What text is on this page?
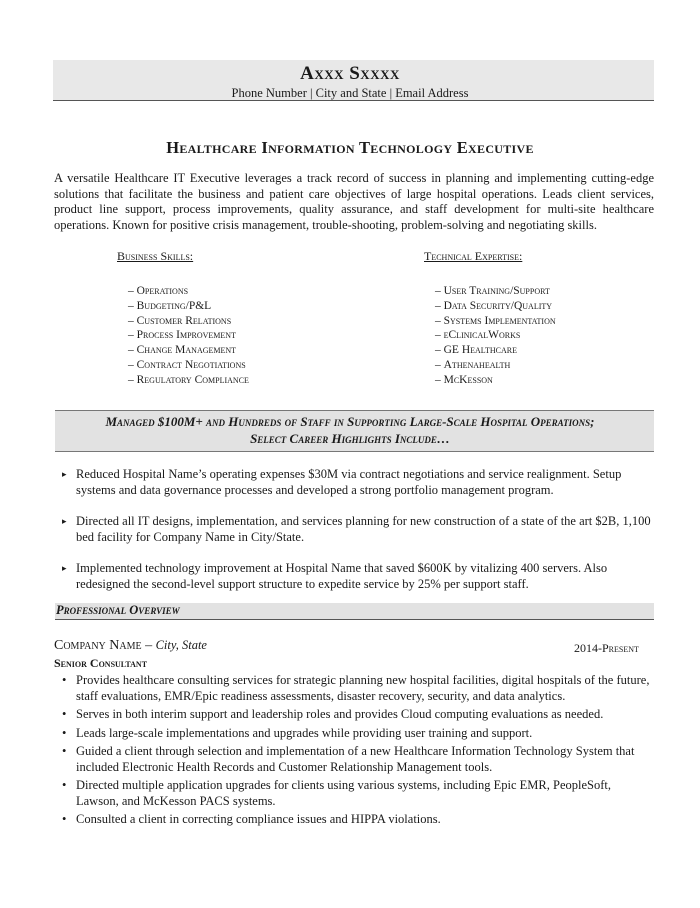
Axxx Sxxxx
Phone Number | City and State | Email Address
Healthcare Information Technology Executive
A versatile Healthcare IT Executive leverages a track record of success in planning and implementing cutting-edge solutions that facilitate the business and patient care objectives of large hospital operations. Leads client services, product line support, process improvements, quality assurance, and staff development for multi-site healthcare operations. Known for positive crisis management, trouble-shooting, problem-solving and negotiating skills.
Business Skills:
– Operations
– Budgeting/P&L
– Customer Relations
– Process Improvement
– Change Management
– Contract Negotiations
– Regulatory Compliance
Technical Expertise:
– User Training/Support
– Data Security/Quality
– Systems Implementation
– eClinicalWorks
– GE Healthcare
– Athenahealth
– McKesson
Managed $100M+ and Hundreds of Staff in Supporting Large-Scale Hospital Operations;
Select Career Highlights Include…
▸ Reduced Hospital Name’s operating expenses $30M via contract negotiations and service realignment. Setup systems and data governance processes and developed a strong portfolio management program.
▸ Directed all IT designs, implementation, and services planning for new construction of a state of the art $2B, 1,100 bed facility for Company Name in City/State.
▸ Implemented technology improvement at Hospital Name that saved $600K by vitalizing 400 servers. Also redesigned the second-level support structure to expedite service by 25% per support staff.
Professional Overview
Company Name – City, State	2014-Present
Senior Consultant
• Provides healthcare consulting services for strategic planning new hospital facilities, digital hospitals of the future, staff evaluations, EMR/Epic readiness assessments, disaster recovery, security, and data analytics.
• Serves in both interim support and leadership roles and provides Cloud computing evaluations as needed.
• Leads large-scale implementations and upgrades while providing user training and support.
• Guided a client through selection and implementation of a new Healthcare Information Technology System that included Electronic Health Records and Customer Relationship Management tools.
• Directed multiple application upgrades for clients using various systems, including Epic EMR, PeopleSoft, Lawson, and McKesson PACS systems.
• Consulted a client in correcting compliance issues and HIPPA violations.
